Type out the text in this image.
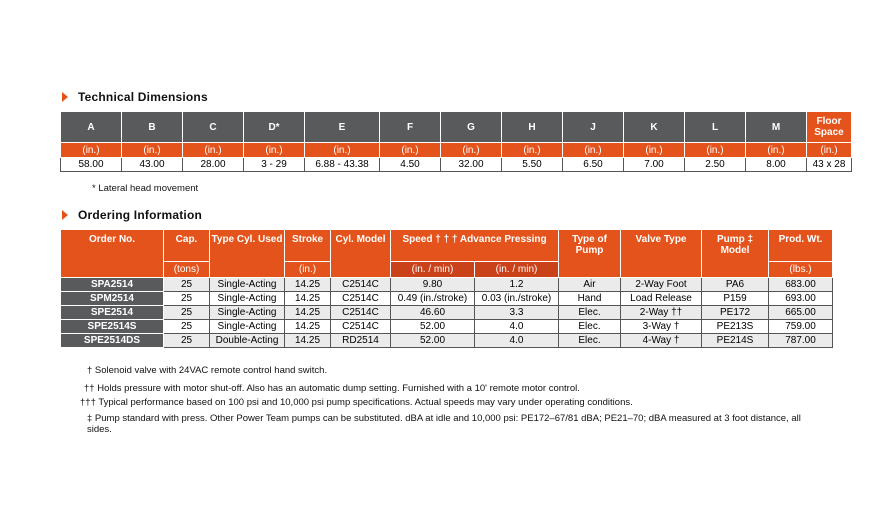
Technical Dimensions
A	B	C	D*	E	F	G	H	J	K	L	M	Floor Space
(in.)	(in.)	(in.)	(in.)	(in.)	(in.)	(in.)	(in.)	(in.)	(in.)	(in.)	(in.)	(in.)
58.00	43.00	28.00	3 - 29	6.88 - 43.38	4.50	32.00	5.50	6.50	7.00	2.50	8.00	43 x 28
* Lateral head movement
Ordering Information
Order No.	Cap.	Type Cyl. Used	Stroke	Cyl. Model	Speed † † † Advance Pressing		Type of Pump	Valve Type	Pump ‡ Model	Prod. Wt.
	(tons)		(in.)		(in. / min)	(in. / min)				(lbs.)
SPA2514	25	Single-Acting	14.25	C2514C	9.80	1.2	Air	2-Way Foot	PA6	683.00
SPM2514	25	Single-Acting	14.25	C2514C	0.49 (in./stroke)	0.03 (in./stroke)	Hand	Load Release	P159	693.00
SPE2514	25	Single-Acting	14.25	C2514C	46.60	3.3	Elec.	2-Way ††	PE172	665.00
SPE2514S	25	Single-Acting	14.25	C2514C	52.00	4.0	Elec.	3-Way †	PE213S	759.00
SPE2514DS	25	Double-Acting	14.25	RD2514	52.00	4.0	Elec.	4-Way †	PE214S	787.00
† Solenoid valve with 24VAC remote control hand switch.
†† Holds pressure with motor shut-off. Also has an automatic dump setting. Furnished with a 10' remote motor control.
††† Typical performance based on 100 psi and 10,000 psi pump specifications. Actual speeds may vary under operating conditions.
‡ Pump standard with press. Other Power Team pumps can be substituted. dBA at idle and 10,000 psi: PE172–67/81 dBA; PE21–70; dBA measured at 3 foot distance, all sides.
